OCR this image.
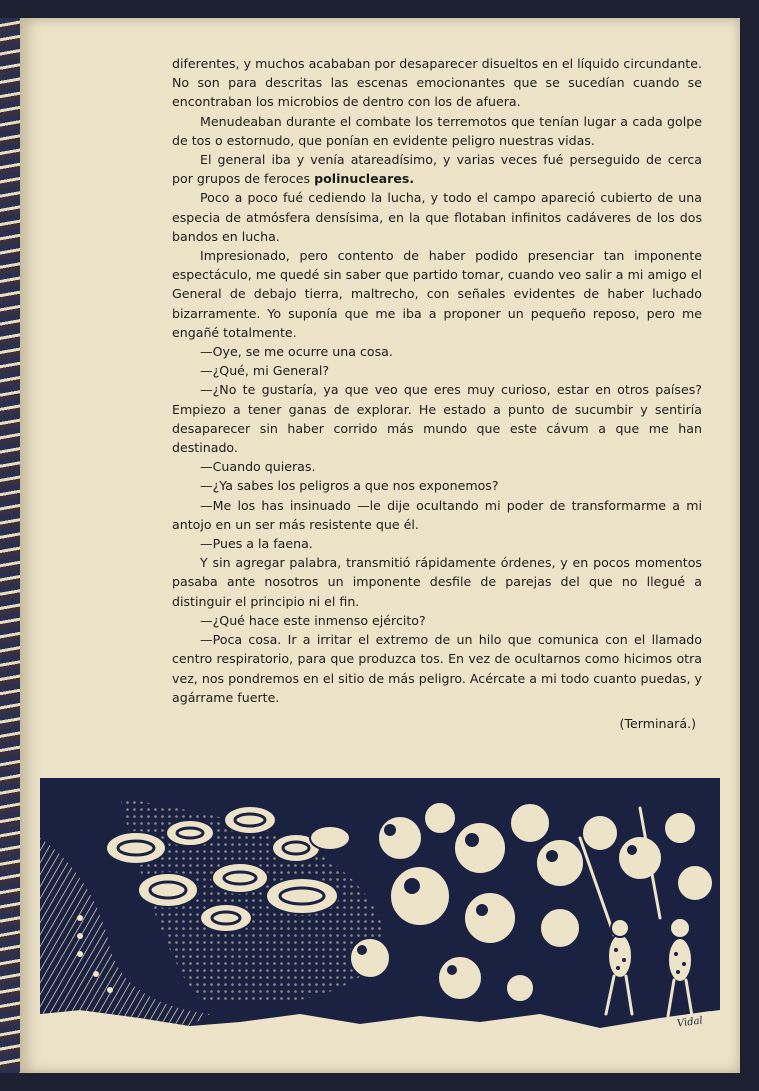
diferentes, y muchos acababan por desaparecer disueltos en el líquido circundante. No son para descritas las escenas emocionantes que se sucedían cuando se encontraban los microbios de dentro con los de afuera.

Menudeaban durante el combate los terremotos que tenían lugar a cada golpe de tos o estornudo, que ponían en evidente peligro nuestras vidas.

El general iba y venía atareadísimo, y varias veces fué perseguido de cerca por grupos de feroces polinucleares.

Poco a poco fué cediendo la lucha, y todo el campo apareció cubierto de una especia de atmósfera densísima, en la que flotaban infinitos cadáveres de los dos bandos en lucha.

Impresionado, pero contento de haber podido presenciar tan imponente espectáculo, me quedé sin saber que partido tomar, cuando veo salir a mi amigo el General de debajo tierra, maltrecho, con señales evidentes de haber luchado bizarramente. Yo suponía que me iba a proponer un pequeño reposo, pero me engañé totalmente.

—Oye, se me ocurre una cosa.

—¿Qué, mi General?

—¿No te gustaría, ya que veo que eres muy curioso, estar en otros países? Empiezo a tener ganas de explorar. He estado a punto de sucumbir y sentiría desaparecer sin haber corrido más mundo que este cávum a que me han destinado.

—Cuando quieras.

—¿Ya sabes los peligros a que nos exponemos?

—Me los has insinuado —le dije ocultando mi poder de transformarme a mi antojo en un ser más resistente que él.

—Pues a la faena.

Y sin agregar palabra, transmitió rápidamente órdenes, y en pocos momentos pasaba ante nosotros un imponente desfile de parejas del que no llegué a distinguir el principio ni el fin.

—¿Qué hace este inmenso ejército?

—Poca cosa. Ir a irritar el extremo de un hilo que comunica con el llamado centro respiratorio, para que produzca tos. En vez de ocultarnos como hicimos otra vez, nos pondremos en el sitio de más peligro. Acércate a mi todo cuanto puedas, y agárrame fuerte.

(Terminará.)

Vidal
